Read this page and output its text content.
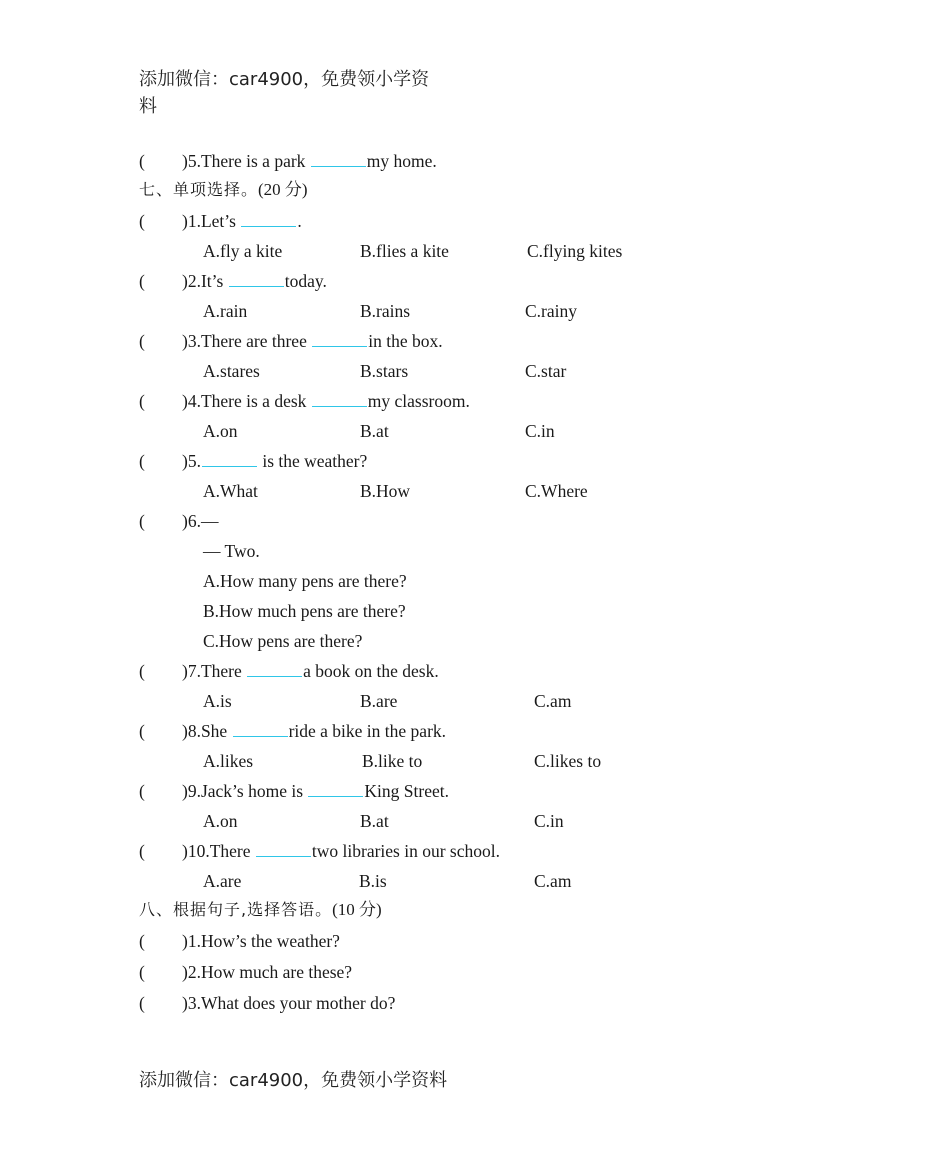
添加微信：car4900，免费领小学资
料
( )5.There is a park	my home.
七、单项选择。(20 分)
( )1.Let’s	.
A.fly a kite	B.flies a kite	C.flying kites
( )2.It’s	today.
A.rain	B.rains	C.rainy
( )3.There are three	in the box.
A.stares	B.stars	C.star
( )4.There is a desk	my classroom.
A.on	B.at	C.in
( )5.	is the weather?
A.What	B.How	C.Where
( )6.—
— Two.
A.How many pens are there?
B.How much pens are there?
C.How pens are there?
( )7.There	a book on the desk.
A.is	B.are	C.am
( )8.She	ride a bike in the park.
A.likes	B.like to	C.likes to
( )9.Jack’s home is	King Street.
A.on	B.at	C.in
( )10.There	two libraries in our school.
A.are	B.is	C.am
八、根据句子,选择答语。(10 分)
( )1.How’s the weather?
( )2.How much are these?
( )3.What does your mother do?
添加微信：car4900，免费领小学资料
